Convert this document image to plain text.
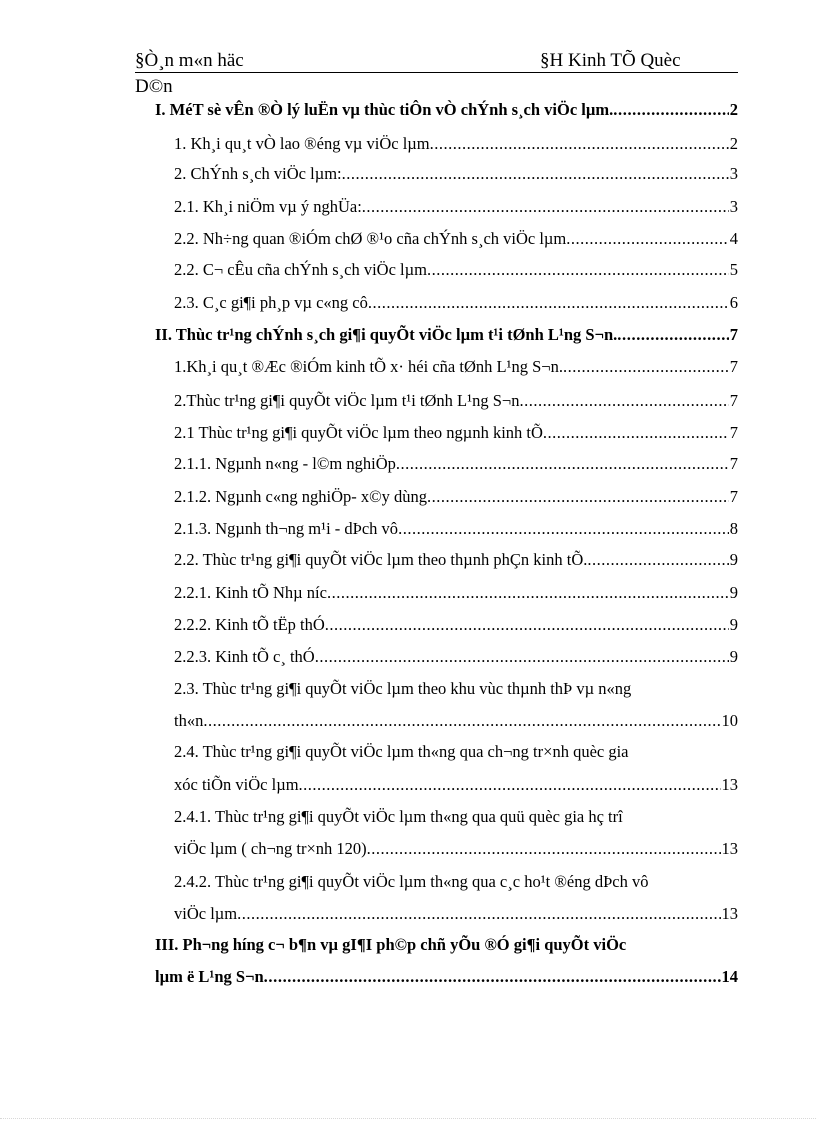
§Ò¸n m«n häc	§H Kinh TÕ Quèc
D©n
I. MéT sè vÊn ®Ò lý luËn vµ thùc tiÔn vÒ chÝnh s¸ch viÖc lµm. .....	2
1. Kh¸i qu¸t vÒ lao ®éng vµ viÖc lµm .....	2
2. ChÝnh s¸ch viÖc lµm: .....	3
2.1. Kh¸i niÖm vµ ý nghÜa: .....	3
2.2. Nh÷ng quan ®iÓm chØ ®¹o cña chÝnh s¸ch viÖc lµm .....	4
2.2. C¬ cÊu cña chÝnh s¸ch viÖc lµm .....	5
2.3. C¸c gi¶i ph¸p vµ c«ng cô .....	6
II. Thùc tr¹ng chÝnh s¸ch gi¶i quyÕt viÖc lµm t¹i tØnh L¹ng S¬n. .....	7
1.Kh¸i qu¸t ®Æc ®iÓm kinh tÕ x· héi cña tØnh L¹ng S¬n. .....	7
2.Thùc tr¹ng gi¶i quyÕt viÖc lµm t¹i tØnh L¹ng S¬n .....	7
2.1 Thùc tr¹ng gi¶i quyÕt viÖc lµm theo ngµnh kinh tÕ .....	7
2.1.1. Ngµnh n«ng - l©m nghiÖp .....	7
2.1.2. Ngµnh c«ng nghiÖp- x©y dùng .....	7
2.1.3. Ngµnh th¬ng m¹i - dÞch vô .....	8
2.2. Thùc tr¹ng gi¶i quyÕt viÖc lµm theo thµnh phÇn kinh tÕ. .....	9
2.2.1. Kinh tÕ Nhµ níc .....	9
2.2.2. Kinh tÕ tËp thÓ .....	9
2.2.3. Kinh tÕ c¸ thÓ .....	9
2.3. Thùc tr¹ng gi¶i quyÕt viÖc lµm theo khu vùc thµnh thÞ vµ n«ng
th«n .....	10
2.4. Thùc tr¹ng gi¶i quyÕt viÖc lµm th«ng qua ch¬ng tr×nh quèc gia
xóc tiÕn viÖc lµm .....	13
2.4.1. Thùc tr¹ng gi¶i quyÕt viÖc lµm th«ng qua quü quèc gia hç trî
viÖc lµm ( ch¬ng tr×nh 120) .....	13
2.4.2. Thùc tr¹ng gi¶i quyÕt viÖc lµm th«ng qua c¸c ho¹t ®éng dÞch vô
viÖc lµm .....	13
III. Ph¬ng híng c¬ b¶n vµ gI¶I ph©p chñ yÕu ®Ó gi¶i quyÕt viÖc
lµm ë L¹ng S¬n .....	14
